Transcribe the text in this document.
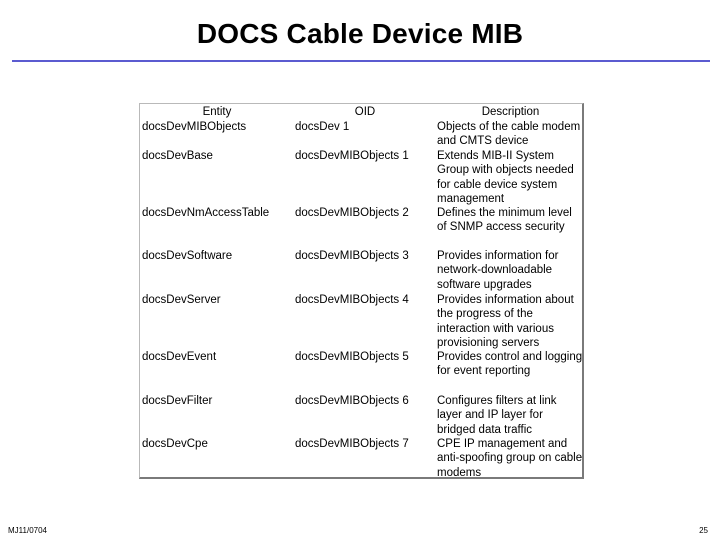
DOCS Cable Device MIB
Entity	OID	Description
docsDevMIBObjects	docsDev 1	Objects of the cable modem and CMTS device
docsDevBase	docsDevMIBObjects 1	Extends MIB-II System Group with objects needed for cable device system management
docsDevNmAccessTable	docsDevMIBObjects 2	Defines the minimum level of SNMP access security
docsDevSoftware	docsDevMIBObjects 3	Provides information for network-downloadable software upgrades
docsDevServer	docsDevMIBObjects 4	Provides information about the progress of the interaction with various provisioning servers
docsDevEvent	docsDevMIBObjects 5	Provides control and logging for event reporting
docsDevFilter	docsDevMIBObjects 6	Configures filters at link layer and IP layer for bridged data traffic
docsDevCpe	docsDevMIBObjects 7	CPE IP management and anti-spoofing group on cable modems
MJ11/0704	25
